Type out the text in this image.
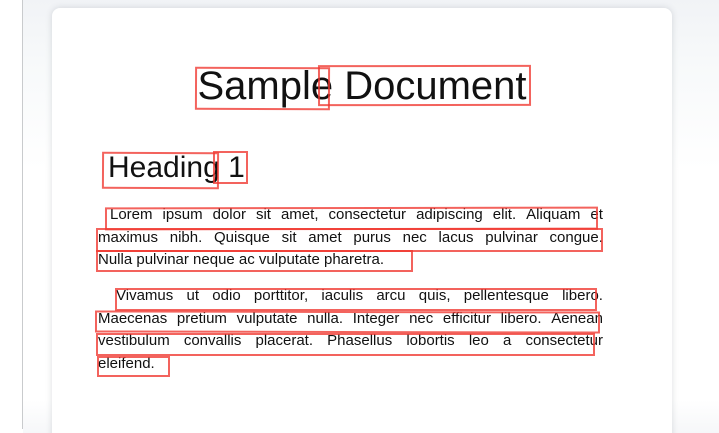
Sample Document
Heading 1
Lorem ipsum dolor sit amet, consectetur adipiscing elit. Aliquam et
maximus nibh. Quisque sit amet purus nec lacus pulvinar congue.
Nulla pulvinar neque ac vulputate pharetra.
Vivamus ut odio porttitor, iaculis arcu quis, pellentesque libero.
Maecenas pretium vulputate nulla. Integer nec efficitur libero. Aenean
vestibulum convallis placerat. Phasellus lobortis leo a consectetur
eleifend.
